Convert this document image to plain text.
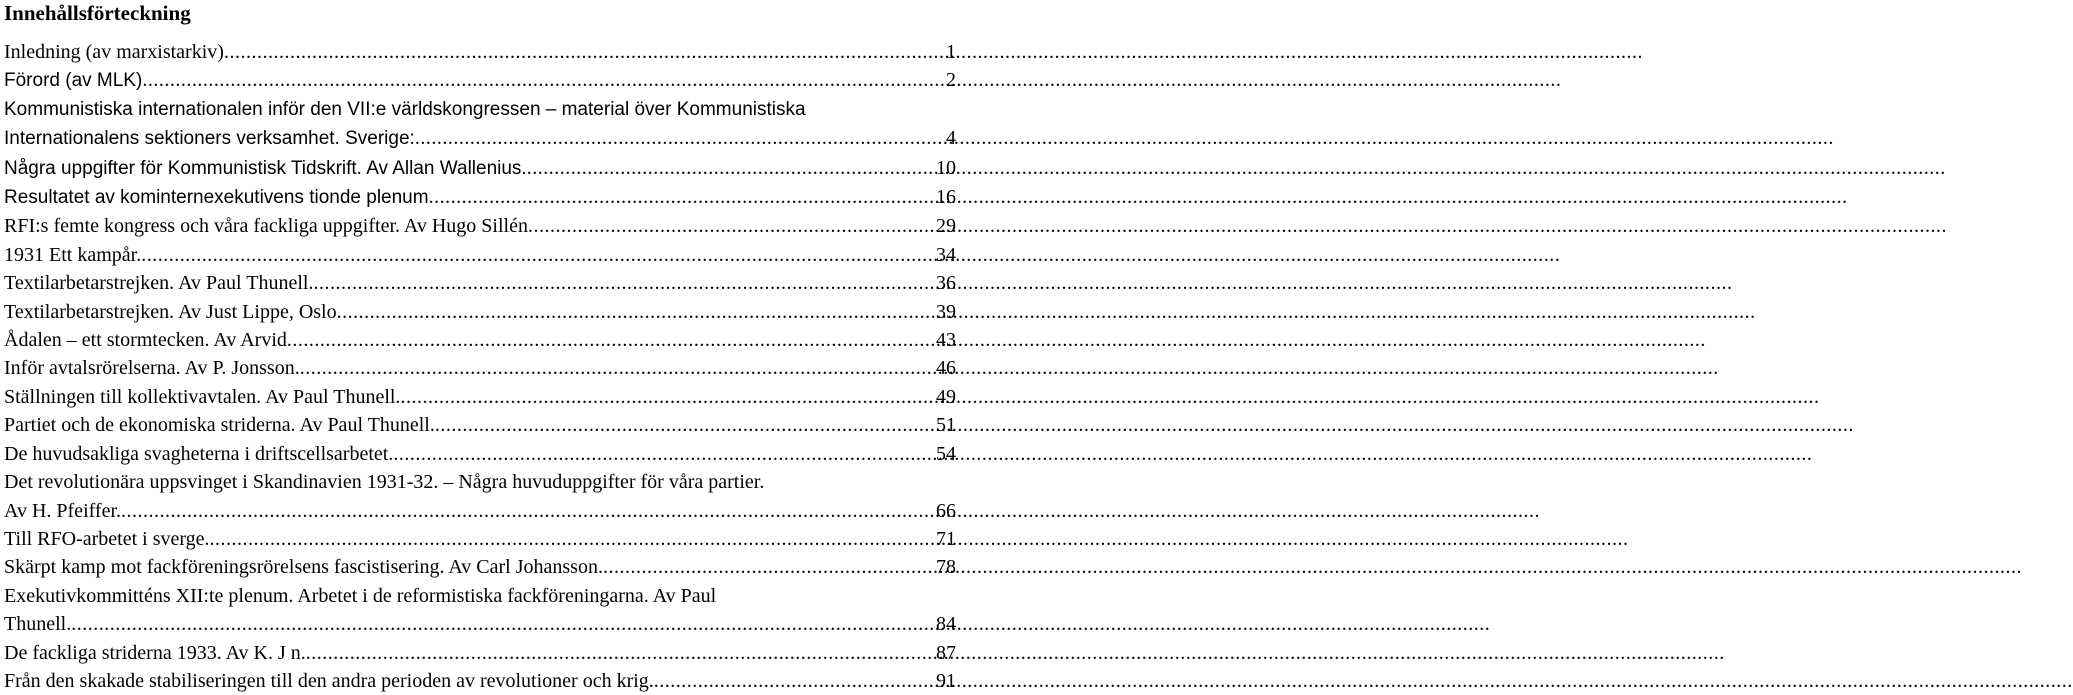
Innehållsförteckning
Inledning (av marxistarkiv) .....	1
Förord (av MLK) .....	2
Kommunistiska internationalen inför den VII:e världskongressen – material över Kommunistiska
Internationalens sektioners verksamhet. Sverige: .....	4
Några uppgifter för Kommunistisk Tidskrift. Av Allan Wallenius. .....	10
Resultatet av kominternexekutivens tionde plenum .....	16
RFI:s femte kongress och våra fackliga uppgifter. Av Hugo Sillén .....	29
1931 Ett kampår. .....	34
Textilarbetarstrejken. Av Paul Thunell. .....	36
Textilarbetarstrejken. Av Just Lippe, Oslo .....	39
Ådalen – ett stormtecken. Av Arvid .....	43
Inför avtalsrörelserna. Av P. Jonsson. .....	46
Ställningen till kollektivavtalen. Av Paul Thunell. .....	49
Partiet och de ekonomiska striderna. Av Paul Thunell. .....	51
De huvudsakliga svagheterna i driftscellsarbetet. .....	54
Det revolutionära uppsvinget i Skandinavien 1931-32. – Några huvuduppgifter för våra partier.
Av H. Pfeiffer. .....	66
Till RFO-arbetet i sverge. .....	71
Skärpt kamp mot fackföreningsrörelsens fascistisering. Av Carl Johansson. .....	78
Exekutivkommitténs XII:te plenum. Arbetet i de reformistiska fackföreningarna. Av Paul
Thunell. .....	84
De fackliga striderna 1933. Av K. J n. .....	87
Från den skakade stabiliseringen till den andra perioden av revolutioner och krig. .....	91
